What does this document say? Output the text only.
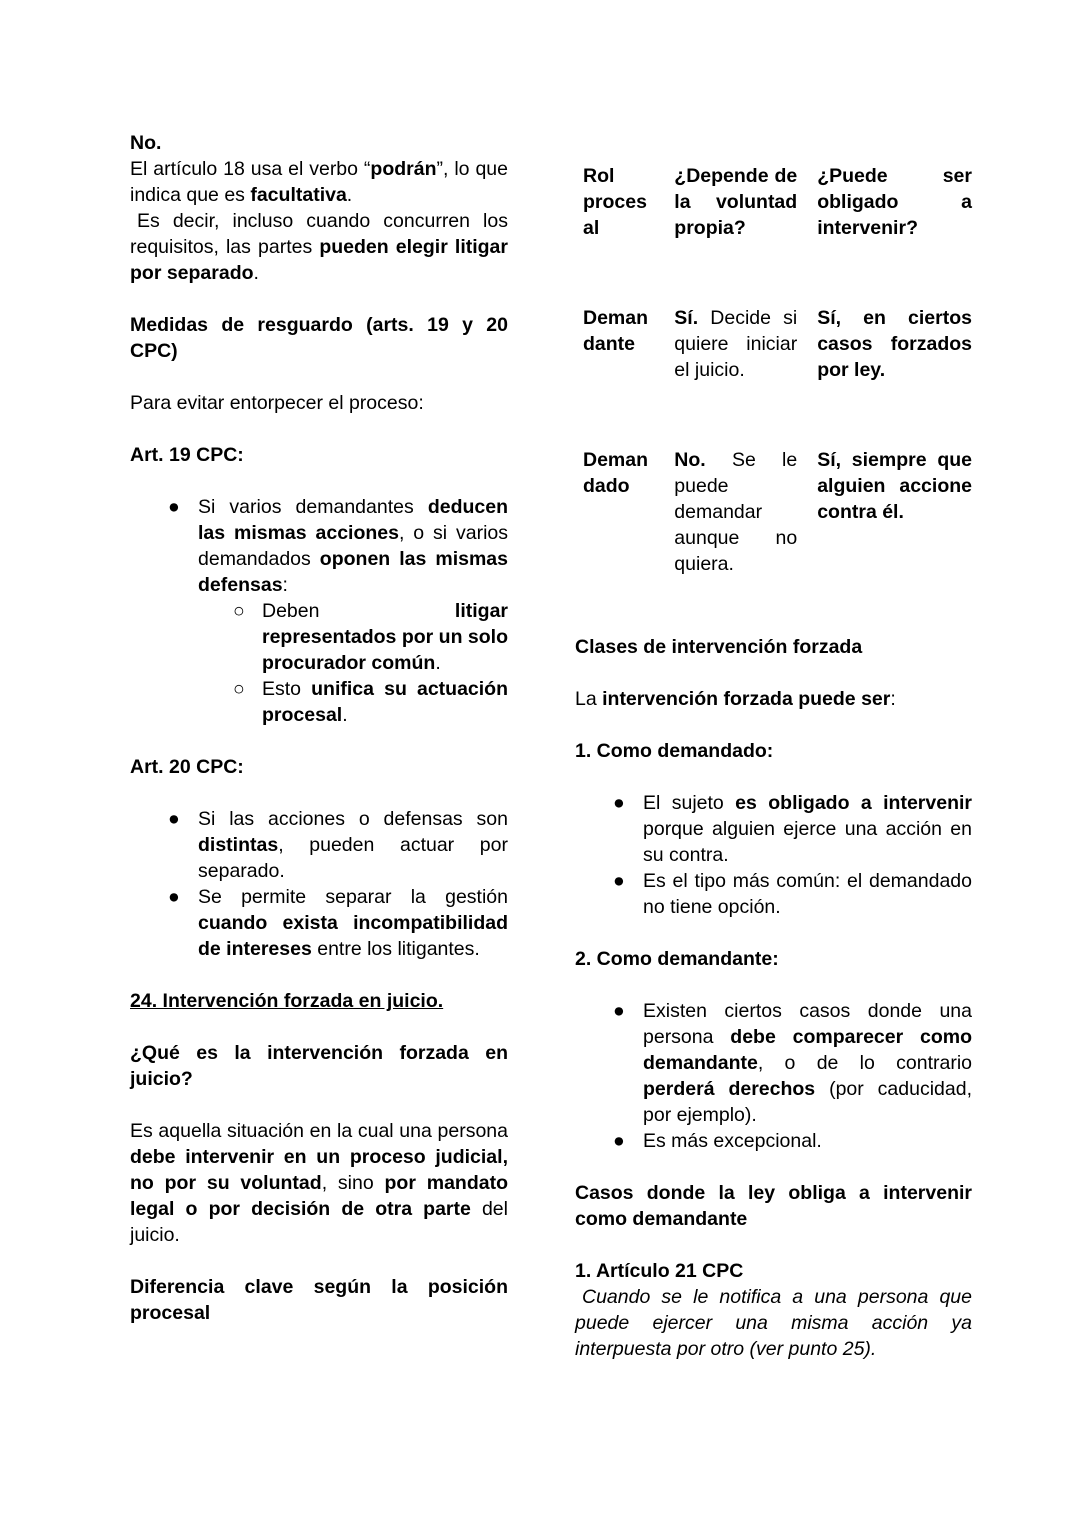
No.
El artículo 18 usa el verbo “podrán”, lo que indica que es facultativa.
Es decir, incluso cuando concurren los requisitos, las partes pueden elegir litigar por separado.
Medidas de resguardo (arts. 19 y 20 CPC)
Para evitar entorpecer el proceso:
Art. 19 CPC:
● Si varios demandantes deducen las mismas acciones, o si varios demandados oponen las mismas defensas:
○ Deben litigar representados por un solo procurador común.
○ Esto unifica su actuación procesal.
Art. 20 CPC:
● Si las acciones o defensas son distintas, pueden actuar por separado.
● Se permite separar la gestión cuando exista incompatibilidad de intereses entre los litigantes.
24. Intervención forzada en juicio.
¿Qué es la intervención forzada en juicio?
Es aquella situación en la cual una persona debe intervenir en un proceso judicial, no por su voluntad, sino por mandato legal o por decisión de otra parte del juicio.
Diferencia clave según la posición procesal
Rol procesal	¿Depende de la voluntad propia?	¿Puede ser obligado a intervenir?

Demandante	Sí. Decide si quiere iniciar el juicio.	Sí, en ciertos casos forzados por ley.

Demandado	No. Se le puede demandar aunque no quiera.	Sí, siempre que alguien accione contra él.
Clases de intervención forzada
La intervención forzada puede ser:
1. Como demandado:
● El sujeto es obligado a intervenir porque alguien ejerce una acción en su contra.
● Es el tipo más común: el demandado no tiene opción.
2. Como demandante:
● Existen ciertos casos donde una persona debe comparecer como demandante, o de lo contrario perderá derechos (por caducidad, por ejemplo).
● Es más excepcional.
Casos donde la ley obliga a intervenir como demandante
1. Artículo 21 CPC
Cuando se le notifica a una persona que puede ejercer una misma acción ya interpuesta por otro (ver punto 25).
